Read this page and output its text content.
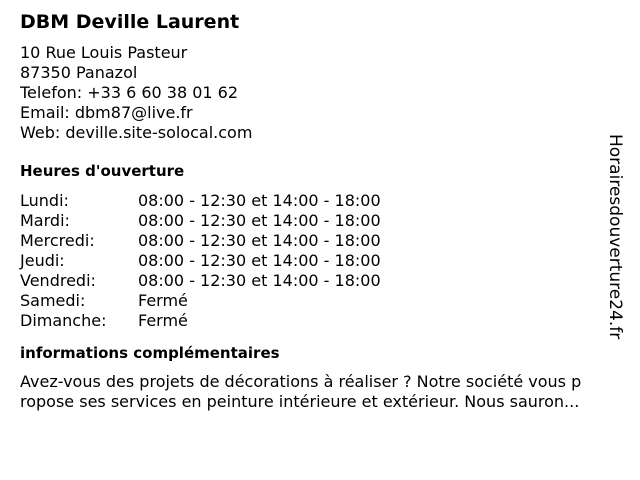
DBM Deville Laurent
10 Rue Louis Pasteur
87350 Panazol
Telefon: +33 6 60 38 01 62
Email: dbm87@live.fr
Web: deville.site-solocal.com
Heures d'ouverture
Lundi:	08:00 - 12:30 et 14:00 - 18:00
Mardi:	08:00 - 12:30 et 14:00 - 18:00
Mercredi:	08:00 - 12:30 et 14:00 - 18:00
Jeudi:	08:00 - 12:30 et 14:00 - 18:00
Vendredi:	08:00 - 12:30 et 14:00 - 18:00
Samedi:	Fermé
Dimanche:	Fermé
informations complémentaires
Avez-vous des projets de décorations à réaliser ? Notre société vous p
ropose ses services en peinture intérieure et extérieur. Nous sauron...
Horairesdouverture24.fr
